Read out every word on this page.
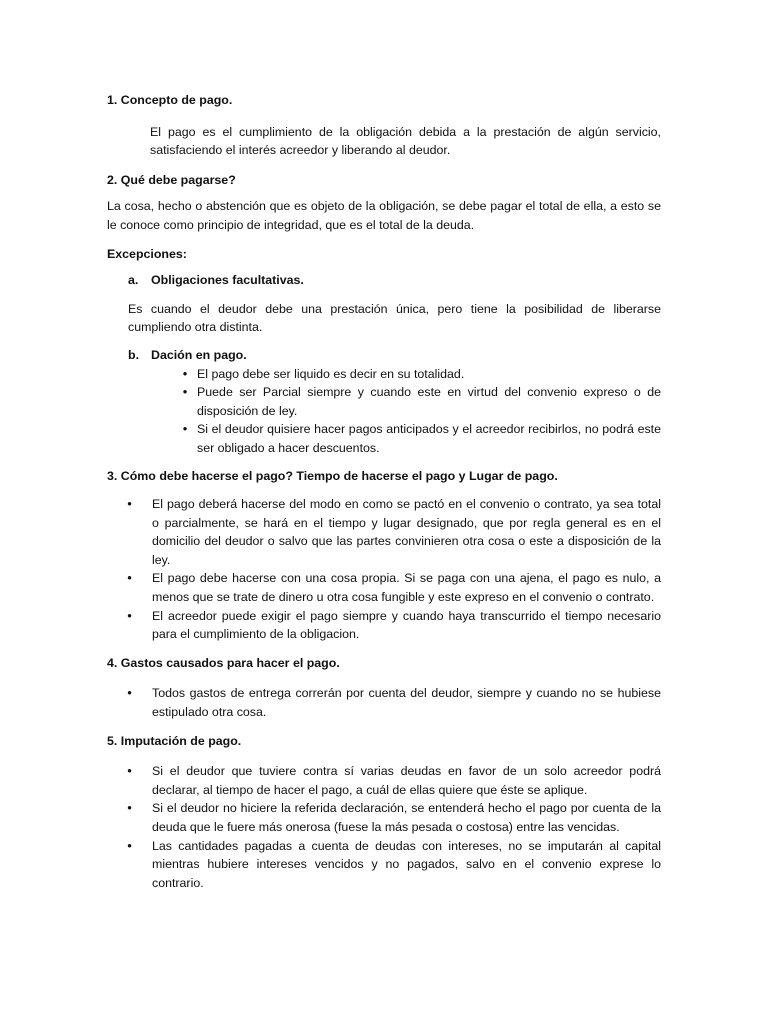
1. Concepto de pago.

El pago es el cumplimiento de la obligación debida a la prestación de algún servicio, satisfaciendo el interés acreedor y liberando al deudor.

2. Qué debe pagarse?

La cosa, hecho o abstención que es objeto de la obligación, se debe pagar el total de ella, a esto se le conoce como principio de integridad, que es el total de la deuda.

Excepciones:

a.	Obligaciones facultativas.

Es cuando el deudor debe una prestación única, pero tiene la posibilidad de liberarse cumpliendo otra distinta.

b. Dación en pago.
• El pago debe ser liquido es decir en su totalidad.
• Puede ser Parcial siempre y cuando este en virtud del convenio expreso o de disposición de ley.
• Si el deudor quisiere hacer pagos anticipados y el acreedor recibirlos, no podrá este ser obligado a hacer descuentos.

3. Cómo debe hacerse el pago? Tiempo de hacerse el pago y Lugar de pago.

•	El pago deberá hacerse del modo en como se pactó en el convenio o contrato, ya sea total o parcialmente, se hará en el tiempo y lugar designado, que por regla general es en el domicilio del deudor o salvo que las partes convinieren otra cosa o este a disposición de la ley.
•	El pago debe hacerse con una cosa propia. Si se paga con una ajena, el pago es nulo, a menos que se trate de dinero u otra cosa fungible y este expreso en el convenio o contrato.
•	El acreedor puede exigir el pago siempre y cuando haya transcurrido el tiempo necesario para el cumplimiento de la obligacion.

4. Gastos causados para hacer el pago.

•	Todos gastos de entrega correrán por cuenta del deudor, siempre y cuando no se hubiese estipulado otra cosa.

5. Imputación de pago.

•	Si el deudor que tuviere contra sí varias deudas en favor de un solo acreedor podrá declarar, al tiempo de hacer el pago, a cuál de ellas quiere que éste se aplique.
•	Si el deudor no hiciere la referida declaración, se entenderá hecho el pago por cuenta de la deuda que le fuere más onerosa (fuese la más pesada o costosa) entre las vencidas.
•	Las cantidades pagadas a cuenta de deudas con intereses, no se imputarán al capital mientras hubiere intereses vencidos y no pagados, salvo en el convenio exprese lo contrario.
